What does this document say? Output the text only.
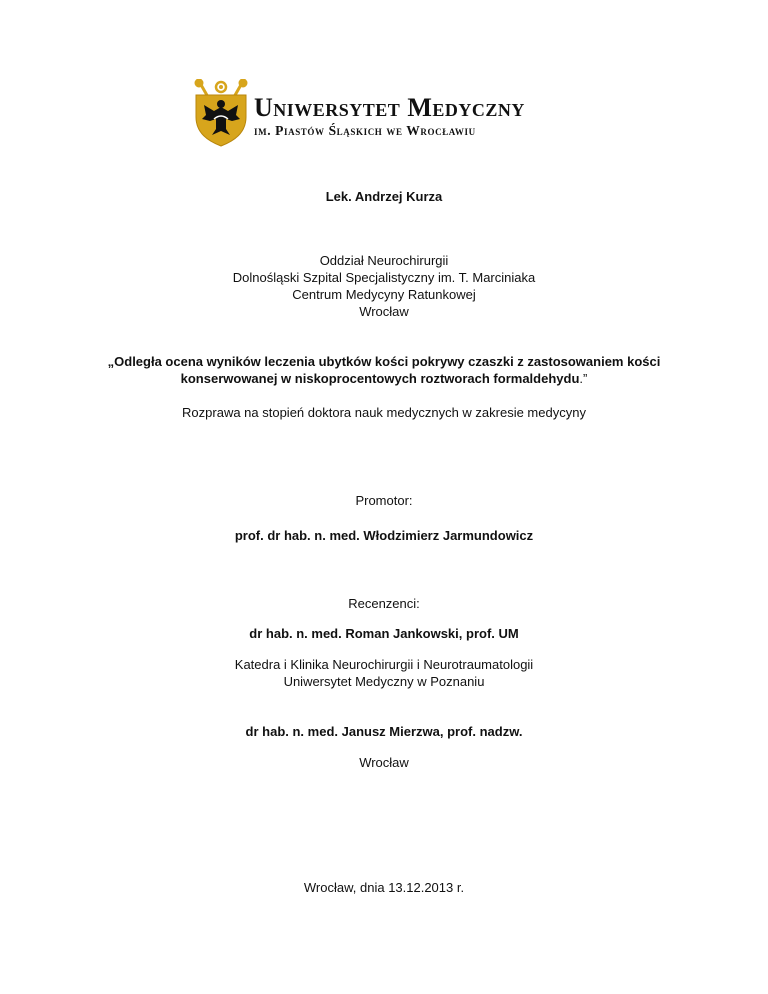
Uniwersytet Medyczny
im. Piastów Śląskich we Wrocławiu
Lek. Andrzej Kurza
Oddział Neurochirurgii
Dolnośląski Szpital Specjalistyczny im. T. Marciniaka
Centrum Medycyny Ratunkowej
Wrocław
„Odległa ocena wyników leczenia ubytków kości pokrywy czaszki z zastosowaniem kości
konserwowanej w niskoprocentowych roztworach formaldehydu.”
Rozprawa na stopień doktora nauk medycznych w zakresie medycyny
Promotor:
prof. dr hab. n. med. Włodzimierz Jarmundowicz
Recenzenci:
dr hab. n. med. Roman Jankowski, prof. UM
Katedra i Klinika Neurochirurgii i Neurotraumatologii
Uniwersytet Medyczny w Poznaniu
dr hab. n. med. Janusz Mierzwa, prof. nadzw.
Wrocław
Wrocław, dnia 13.12.2013 r.
